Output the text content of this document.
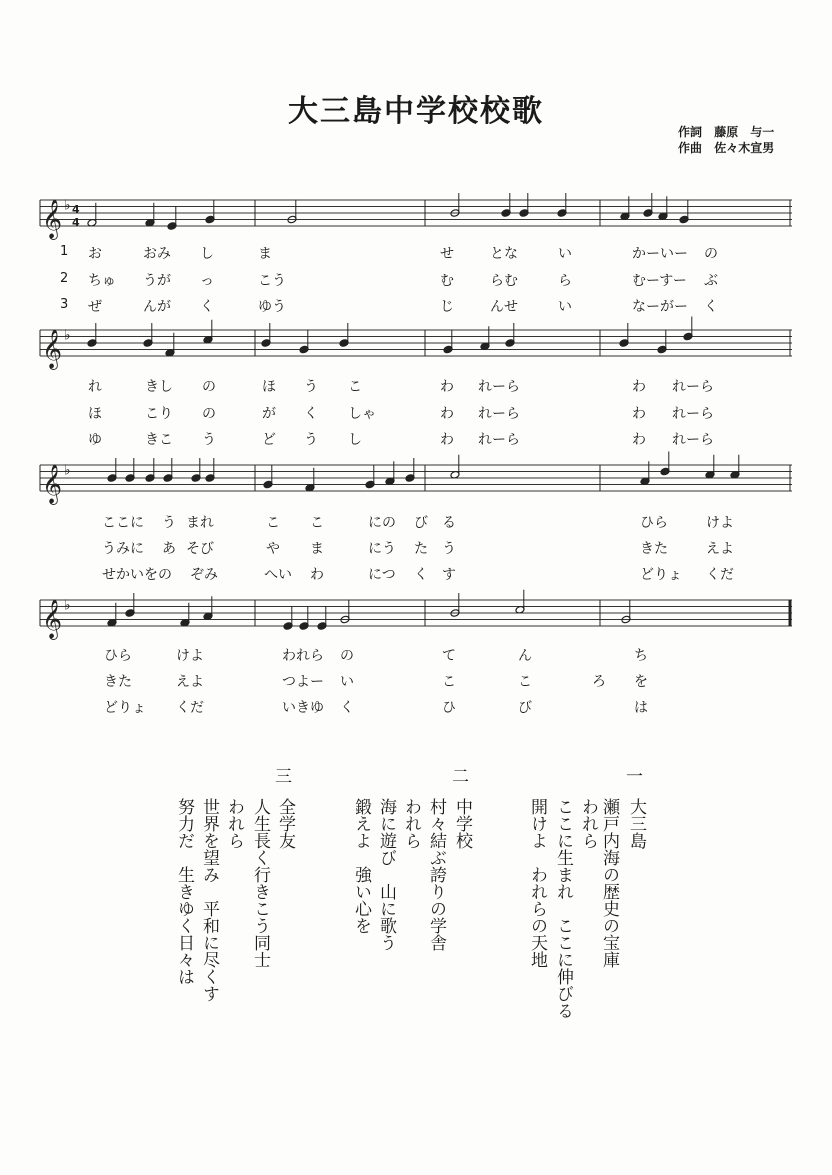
大三島中学校校歌
作詞 藤原　与一
作曲 佐々木宣男
𝄞 ♭ 4
4
𝄞 ♭
𝄞 ♭
𝄞 ♭
1
2
3
お	おみ し	ま	せ	とな	い	かーいー の
ちゅ うが っ	こう	む	らむ	ら	むーすー ぶ
ぜ	んが く	ゆう	じ	んせ	い	なーがー く
れ	きし の	ほ う こ	わ れーら	わ れーら
ほ	こり の	が く しゃ	わ れーら	わ れーら
ゆ	きこ う	ど う し	わ れーら	わ れーら
ここに う まれ	こ こ	にの び る	ひら	けよ
うみに あ そび	や ま	にう た う	きた	えよ
せかいをの ぞみ	へい わ	につ く す	どりょ くだ
ひら	けよ	われら の	て	ん	ち
きた	えよ	つよー い	こ	こ	ろ を
どりょ くだ	いきゆ く	ひ	び	は
一
大三島
瀬戸内海の歴史の宝庫
われら
ここに生まれ　ここに伸びる
開けよ　われらの天地
二
中学校
村々結ぶ誇りの学舎
われら
海に遊び　山に歌う
鍛えよ　強い心を
三
全学友
人生長く行きこう同士
われら
世界を望み　平和に尽くす
努力だ　生きゆく日々は
